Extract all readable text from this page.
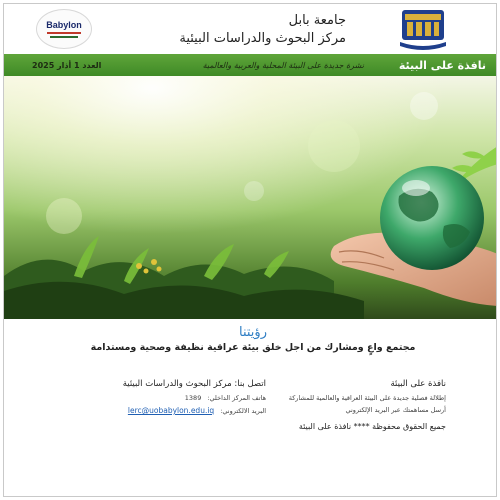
Babylon	جامعة بابل
مركز البحوث والدراسات البيئية
نافذة على البيئة
نشرة جديدة على البيئة المحلية والعربية والعالمية
العدد 1 أذار 2025
رؤيتنا
مجتمع واعٍ ومشارك من اجل خلق بيئة عراقية نظيفة وصحية ومستدامة
نافذة على البيئة
إطلالة فصلية جديدة على البيئة العراقية والعالمية للمشاركة
أرسل مساهمتك عبر البريد الإلكتروني
جميع الحقوق محفوظة **** نافذة على البيئة
اتصل بنا: مركز البحوث والدراسات البيئية
هاتف المركز الداخلي:
1389
البريد الالكتروني:
lerc@uobabylon.edu.iq
